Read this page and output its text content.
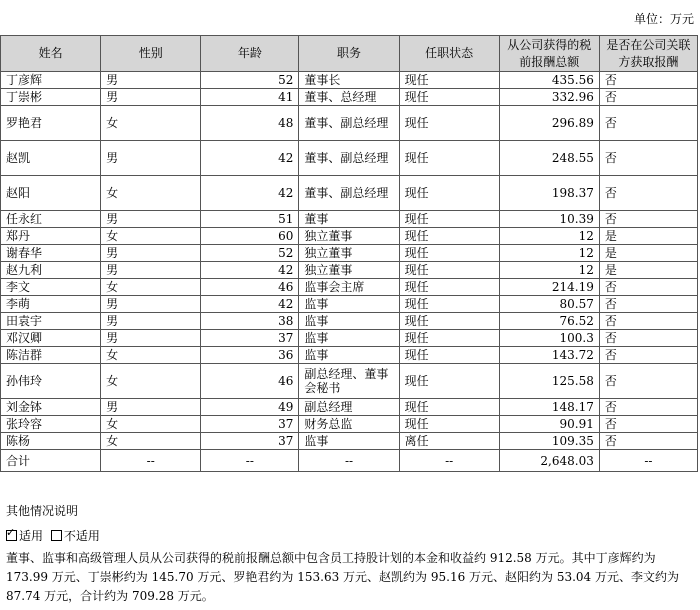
单位：万元
姓名	性别	年龄	职务	任职状态	从公司获得的税前报酬总额	是否在公司关联方获取报酬
丁彦辉	男	52	董事长	现任	435.56	否
丁崇彬	男	41	董事、总经理	现任	332.96	否
罗艳君	女	48	董事、副总经理	现任	296.89	否
赵凯	男	42	董事、副总经理	现任	248.55	否
赵阳	女	42	董事、副总经理	现任	198.37	否
任永红	男	51	董事	现任	10.39	否
郑丹	女	60	独立董事	现任	12	是
谢春华	男	52	独立董事	现任	12	是
赵九利	男	42	独立董事	现任	12	是
李文	女	46	监事会主席	现任	214.19	否
李萌	男	42	监事	现任	80.57	否
田袁宇	男	38	监事	现任	76.52	否
邓汉卿	男	37	监事	现任	100.3	否
陈洁群	女	36	监事	现任	143.72	否
孙伟玲	女	46	副总经理、董事会秘书	现任	125.58	否
刘金钵	男	49	副总经理	现任	148.17	否
张玲容	女	37	财务总监	现任	90.91	否
陈杨	女	37	监事	离任	109.35	否
合计	--	--	--	--	2,648.03	--
其他情况说明
✓适用 不适用
董事、监事和高级管理人员从公司获得的税前报酬总额中包含员工持股计划的本金和收益约 912.58 万元。其中丁彦辉约为 173.99 万元、丁崇彬约为 145.70 万元、罗艳君约为 153.63 万元、赵凯约为 95.16 万元、赵阳约为 53.04 万元、李文约为 87.74 万元，合计约为 709.28 万元。
